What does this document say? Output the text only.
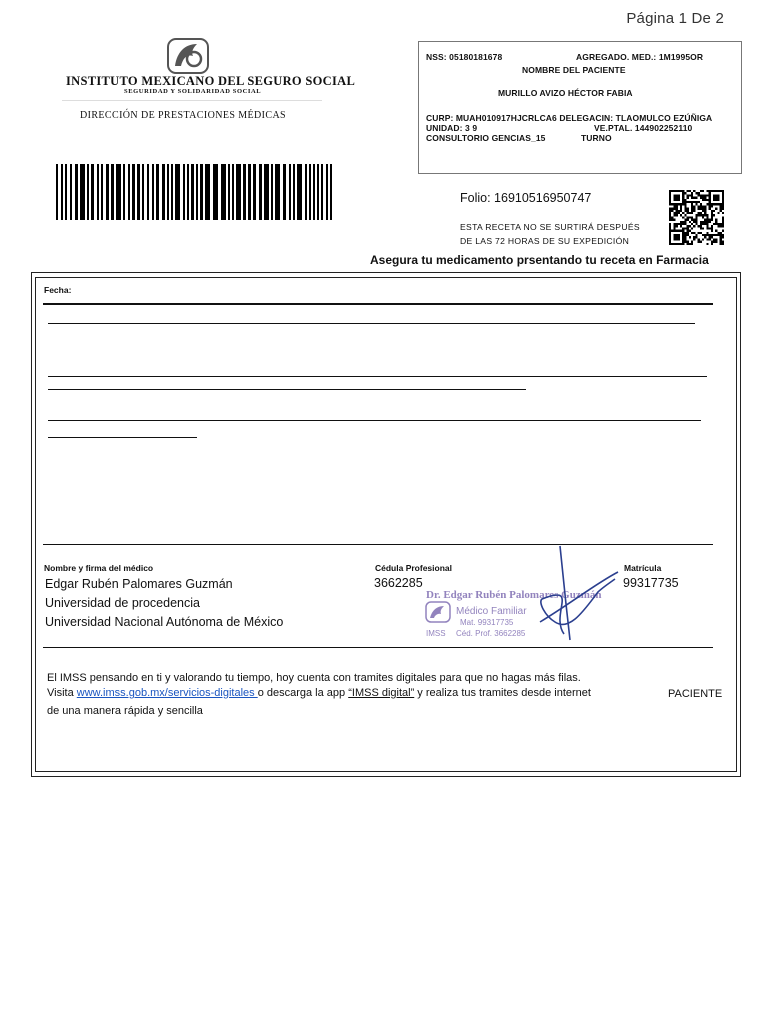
Página 1 De 2
INSTITUTO MEXICANO DEL SEGURO SOCIAL
SEGURIDAD Y SOLIDARIDAD SOCIAL
DIRECCIÓN DE PRESTACIONES MÉDICAS
NSS: 05180181678	AGREGADO. MED.: 1M1995OR
NOMBRE DEL PACIENTE
MURILLO AVIZO HÉCTOR FABIA
CURP: MUAH010917HJCRLCA6 DELEGACIN: TLAOMULCO EZÚÑIGA
UNIDAD: 3 9	VE.PTAL. 144902252110
CONSULTORIO GENCIAS_15	TURNO
Folio: 16910516950747
ESTA RECETA NO SE SURTIRÁ DESPUÉS
DE LAS 72 HORAS DE SU EXPEDICIÓN
Asegura tu medicamento prsentando tu receta en Farmacia
Fecha:
Nombre y firma del médico	Cédula Profesional	Matrícula
Edgar Rubén Palomares Guzmán	3662285	99317735
Universidad de procedencia
Universidad Nacional Autónoma de México
Dr. Edgar Rubén Palomares Guzmán
Médico Familiar
Mat. 99317735
IMSS Céd. Prof. 3662285
El IMSS pensando en ti y valorando tu tiempo, hoy cuenta con tramites digitales para que no hagas más filas.
Visita www.imss.gob.mx/servicios-digitales o descarga la app “IMSS digital” y realiza tus tramites desde internet
de una manera rápida y sencilla
PACIENTE
